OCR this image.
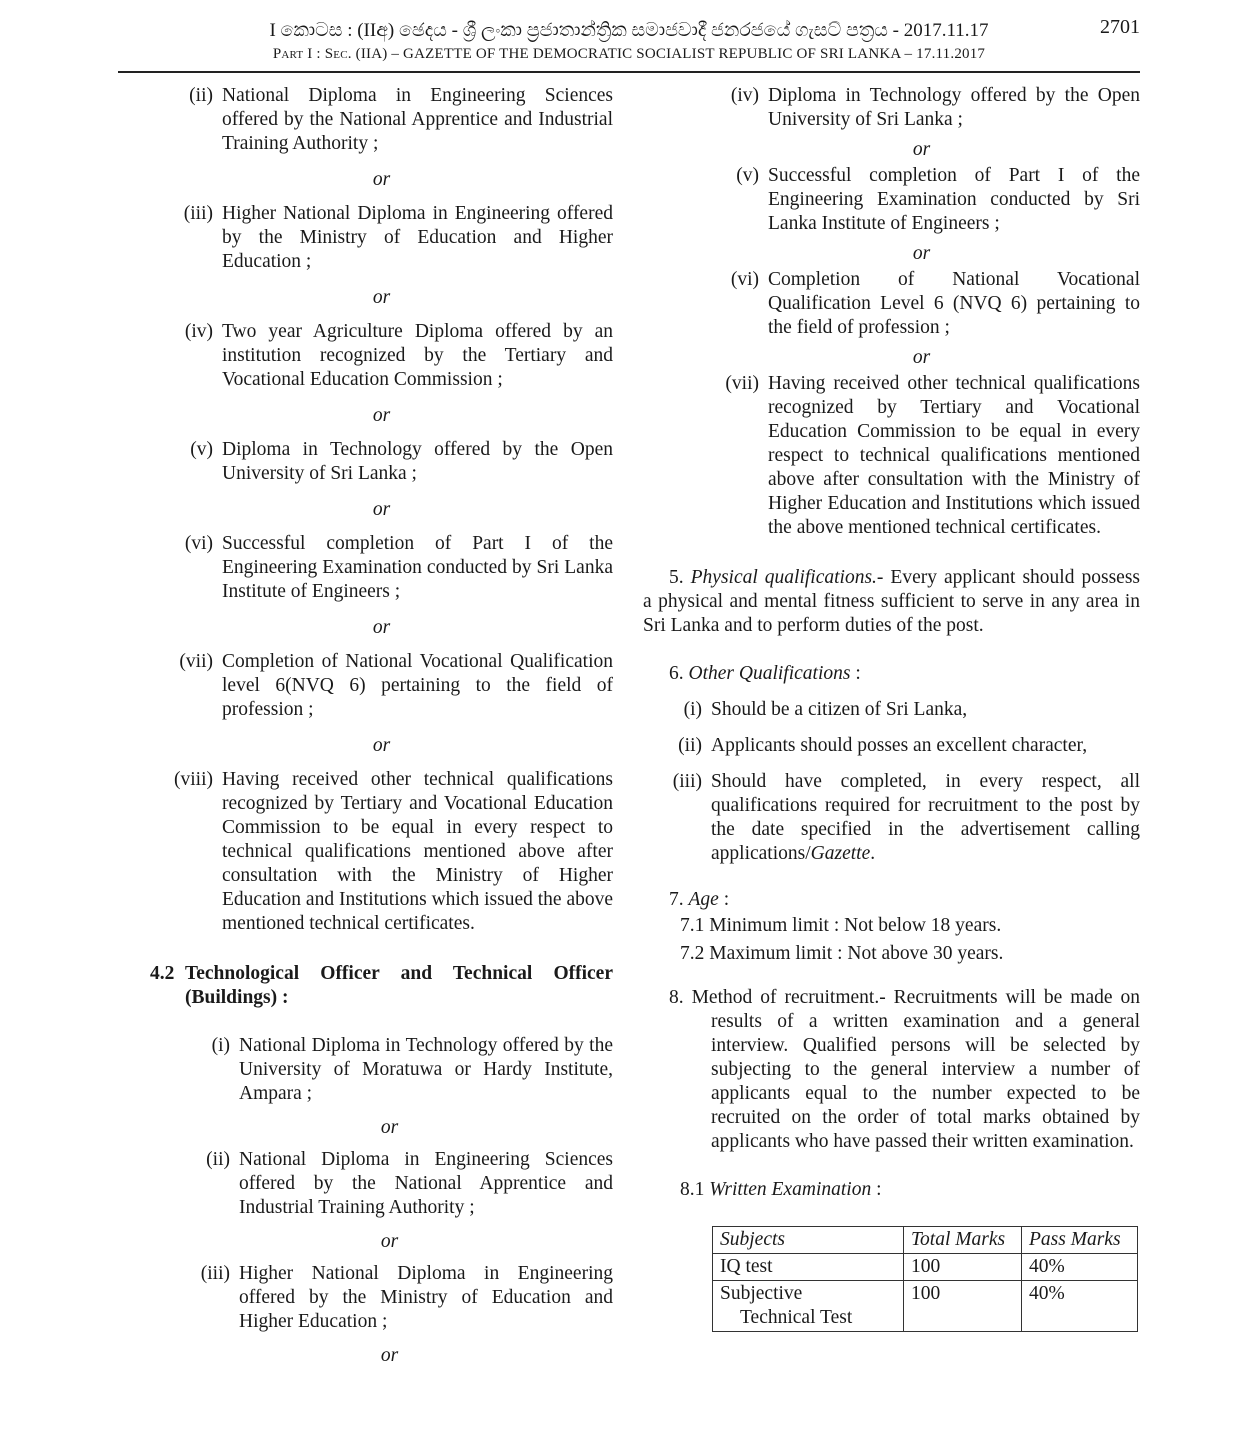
I කොටස : (IIඅ) ඡෙදය - ශ්‍රී ලංකා ප්‍රජාතාන්ත්‍රික සමාජවාදී ජනරජයේ ගැසට් පත්‍රය - 2017.11.17	2701
Part I : Sec. (IIA) – GAZETTE OF THE DEMOCRATIC SOCIALIST REPUBLIC OF SRI LANKA – 17.11.2017
(ii) National Diploma in Engineering Sciences offered by the National Apprentice and Industrial Training Authority ;
or
(iii) Higher National Diploma in Engineering offered by the Ministry of Education and Higher Education ;
or
(iv) Two year Agriculture Diploma offered by an institution recognized by the Tertiary and Vocational Education Commission ;
or
(v) Diploma in Technology offered by the Open University of Sri Lanka ;
or
(vi) Successful completion of Part I of the Engineering Examination conducted by Sri Lanka Institute of Engineers ;
or
(vii) Completion of National Vocational Qualification level 6(NVQ 6) pertaining to the field of profession ;
or
(viii) Having received other technical qualifications recognized by Tertiary and Vocational Education Commission to be equal in every respect to technical qualifications mentioned above after consultation with the Ministry of Higher Education and Institutions which issued the above mentioned technical certificates.
4.2 Technological Officer and Technical Officer (Buildings) :
(i) National Diploma in Technology offered by the University of Moratuwa or Hardy Institute, Ampara ;
or
(ii) National Diploma in Engineering Sciences offered by the National Apprentice and Industrial Training Authority ;
or
(iii) Higher National Diploma in Engineering offered by the Ministry of Education and Higher Education ;
or
(iv) Diploma in Technology offered by the Open University of Sri Lanka ;
or
(v) Successful completion of Part I of the Engineering Examination conducted by Sri Lanka Institute of Engineers ;
or
(vi) Completion of National Vocational Qualification Level 6 (NVQ 6) pertaining to the field of profession ;
or
(vii) Having received other technical qualifications recognized by Tertiary and Vocational Education Commission to be equal in every respect to technical qualifications mentioned above after consultation with the Ministry of Higher Education and Institutions which issued the above mentioned technical certificates.
5. Physical qualifications.- Every applicant should possess a physical and mental fitness sufficient to serve in any area in Sri Lanka and to perform duties of the post.
6. Other Qualifications :
(i) Should be a citizen of Sri Lanka,
(ii) Applicants should posses an excellent character,
(iii) Should have completed, in every respect, all qualifications required for recruitment to the post by the date specified in the advertisement calling applications/Gazette.
7. Age :
7.1 Minimum limit : Not below 18 years.
7.2 Maximum limit : Not above 30 years.
8. Method of recruitment.- Recruitments will be made on results of a written examination and a general interview. Qualified persons will be selected by subjecting to the general interview a number of applicants equal to the number expected to be recruited on the order of total marks obtained by applicants who have passed their written examination.
8.1 Written Examination :
Subjects	Total Marks	Pass Marks
IQ test	100	40%

Subjective
Technical Test	100	40%
